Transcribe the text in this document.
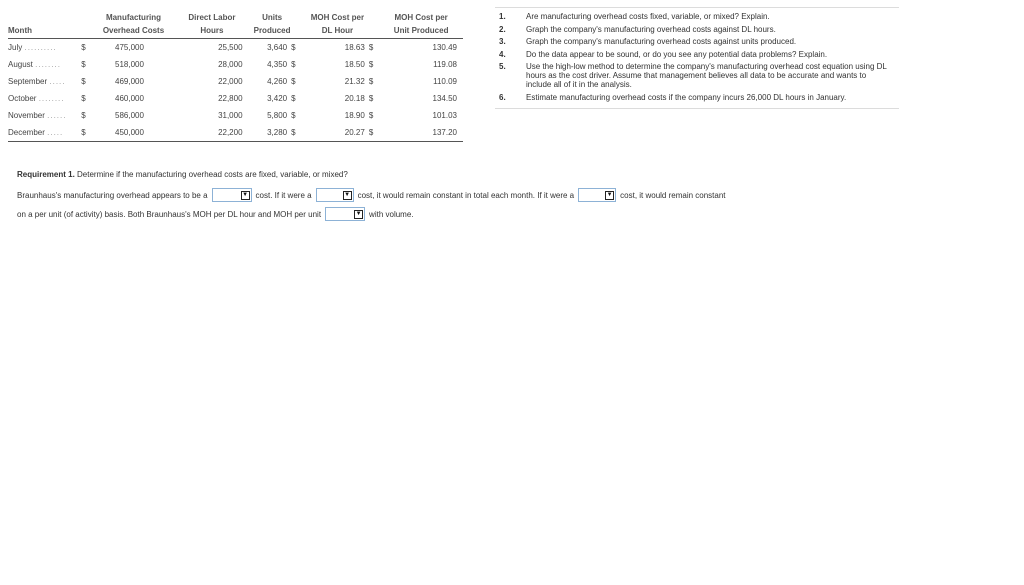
		Manufacturing	Direct Labor	Units	MOH Cost per	MOH Cost per
Month		Overhead Costs	Hours	Produced	DL Hour	Unit Produced
July ..........	$	475,000	25,500	3,640 $	18.63 $	130.49
August ........	$	518,000	28,000	4,350 $	18.50 $	119.08
September .....	$	469,000	22,000	4,260 $	21.32 $	110.09
October ........	$	460,000	22,800	3,420 $	20.18 $	134.50
November ......	$	586,000	31,000	5,800 $	18.90 $	101.03
December .....	$	450,000	22,200	3,280 $	20.27 $	137.20
1.	Are manufacturing overhead costs fixed, variable, or mixed? Explain.
2.	Graph the company's manufacturing overhead costs against DL hours.
3.	Graph the company's manufacturing overhead costs against units produced.
4.	Do the data appear to be sound, or do you see any potential data problems? Explain.
5.	Use the high-low method to determine the company's manufacturing overhead cost equation using DL hours as the cost driver. Assume that management believes all data to be accurate and wants to include all of it in the analysis.
6.	Estimate manufacturing overhead costs if the company incurs 26,000 DL hours in January.
Requirement 1. Determine if the manufacturing overhead costs are fixed, variable, or mixed?
Braunhaus's manufacturing overhead appears to be a	▼ cost. If it were a	▼ cost, it would remain constant in total each month. If it were a	▼ cost, it would remain constant
on a per unit (of activity) basis. Both Braunhaus's MOH per DL hour and MOH per unit	▼ with volume.
